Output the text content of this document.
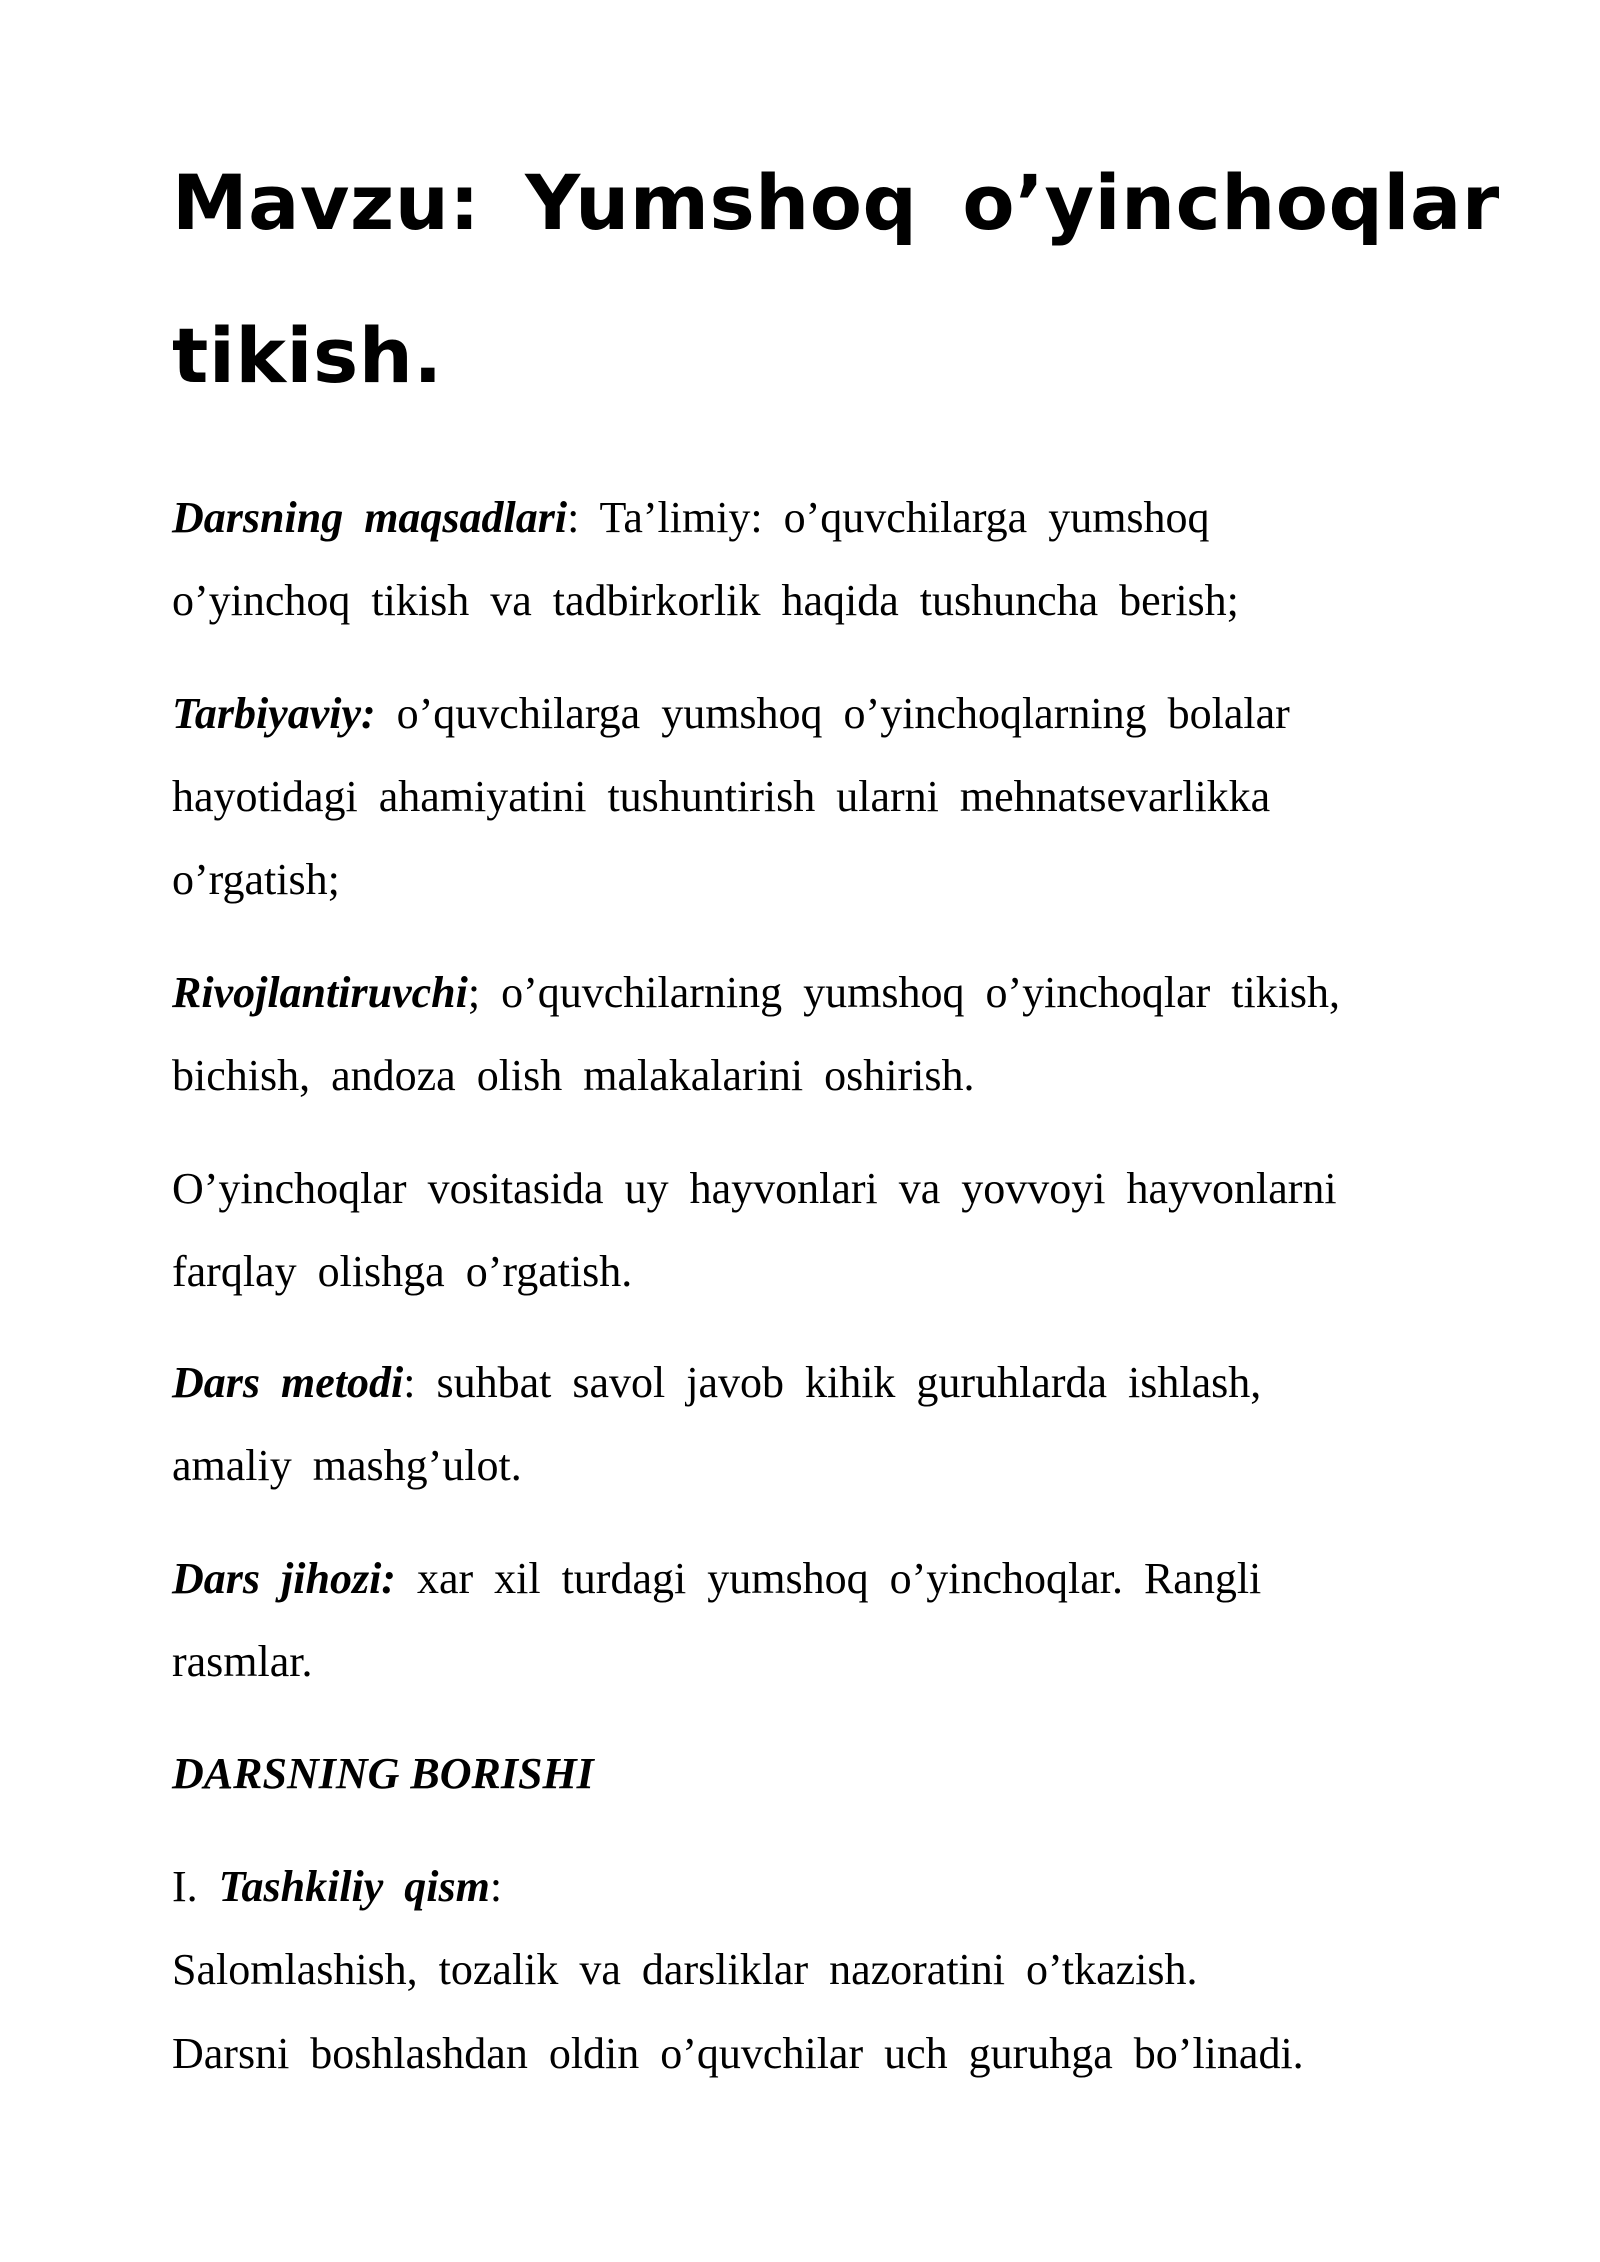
Mavzu: Yumshoq o’yinchoqlar
tikish.
Darsning maqsadlari: Ta’limiy: o’quvchilarga yumshoq
o’yinchoq tikish va tadbirkorlik haqida tushuncha berish;
Tarbiyaviy: o’quvchilarga yumshoq o’yinchoqlarning bolalar
hayotidagi ahamiyatini tushuntirish ularni mehnatsevarlikka
o’rgatish;
Rivojlantiruvchi; o’quvchilarning yumshoq o’yinchoqlar tikish,
bichish, andoza olish malakalarini oshirish.
O’yinchoqlar vositasida uy hayvonlari va yovvoyi hayvonlarni
farqlay olishga o’rgatish.
Dars metodi: suhbat savol javob kihik guruhlarda ishlash,
amaliy mashg’ulot.
Dars jihozi: xar xil turdagi yumshoq o’yinchoqlar. Rangli
rasmlar.
DARSNING BORISHI
I. Tashkiliy qism:
Salomlashish, tozalik va darsliklar nazoratini o’tkazish.
Darsni boshlashdan oldin o’quvchilar uch guruhga bo’linadi.
